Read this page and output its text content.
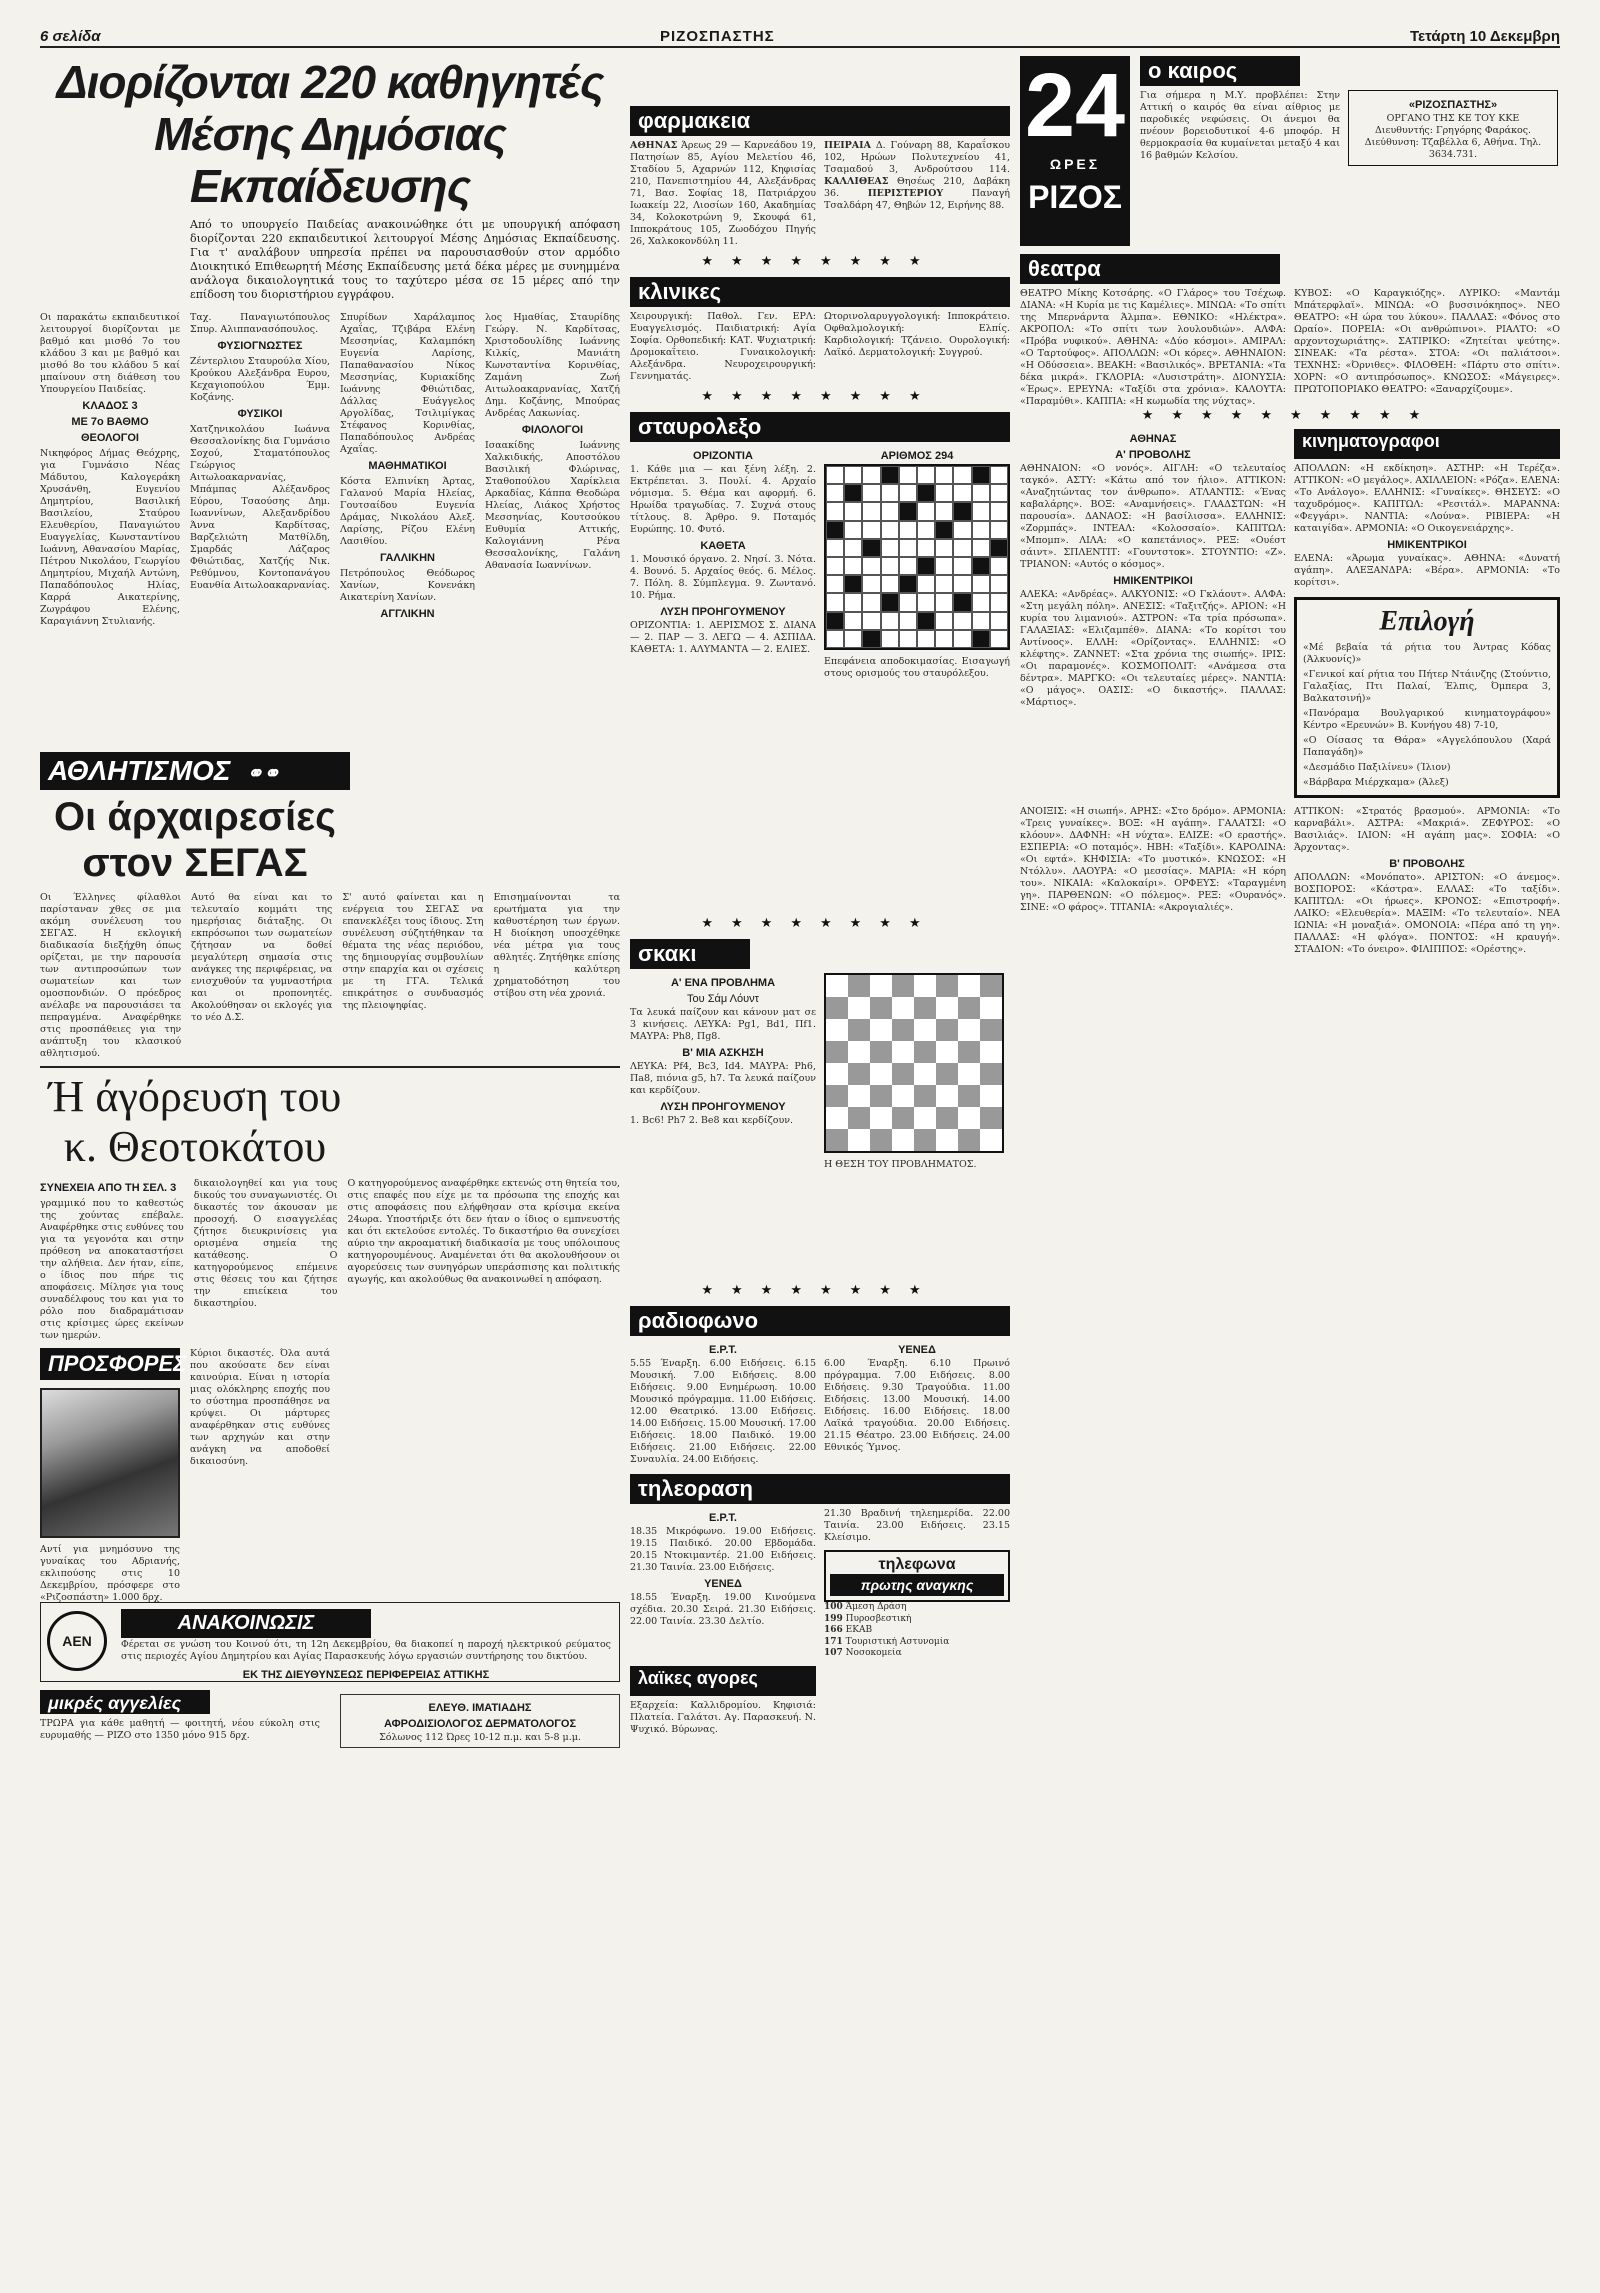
6 σελίδα	ΡΙΖΟΣΠΑΣΤΗΣ	Τετάρτη 10 Δεκεμβρη
Διορίζονται 220 καθηγητές
Μέσης Δημόσιας Εκπαίδευσης
Από το υπουργείο Παιδείας ανακοινώθηκε ότι με υπουργική απόφαση διορίζονται 220 εκπαιδευτικοί λειτουργοί Μέσης Δημόσιας Εκπαίδευσης. Για τ' αναλάβουν υπηρεσία πρέπει να παρουσιασθούν στον αρμόδιο Διοικητικό Επιθεωρητή Μέσης Εκπαίδευσης μετά δέκα μέρες με συνημμένα ανάλογα δικαιολογητικά τους το ταχύτερο μέσα σε 15 μέρες από την επίδοση του διοριστήριου εγγράφου.
Οι παρακάτω εκπαιδευτικοί λειτουργοί διορίζονται με βαθμό και μισθό 7ο του κλάδου 3 και με βαθμό και μισθό 8ο του κλάδου 5 καί μπαίνουν στη διάθεση του Υπουργείου Παιδείας.
ΚΛΑΔΟΣ 3
ΜΕ 7ο ΒΑΘΜΟ
ΘΕΟΛΟΓΟΙ
Νικηφόρος Δήμας Θεόχρης, για Γυμνάσιο Νέας Μάδυτου, Καλογεράκη Χρυσάνθη, Ευγενίου Δημητρίου, Βασιλική Βασιλείου, Σταύρου Ελευθερίου, Παναγιώτου Ευαγγελίας, Κωνσταντίνου Ιωάννη, Αθανασίου Μαρίας, Πέτρου Νικολάου, Γεωργίου Δημητρίου, Μιχαήλ Αντώνη, Παπαδόπουλος Ηλίας, Καρρά Αικατερίνης, Ζωγράφου Ελένης, Καραγιάννη Στυλιανής.
Ταχ. Παναγιωτόπουλος Σπυρ. Αλιππανασόπουλος.
ΦΥΣΙΟΓΝΩΣΤΕΣ
Ζέντερλιου Σταυρούλα Χίου, Κρούκου Αλεξάνδρα Ευρου, Κεχαγιοπούλου Έμμ. Κοζάνης.
ΦΥΣΙΚΟΙ
Χατζηνικολάου Ιωάννα Θεσσαλονίκης δια Γυμνάσιο Σοχού, Σταματόπουλος Γεώργιος Αιτωλοακαρνανίας, Μπάμπας Αλέξανδρος Εύρου, Τσαούσης Δημ. Ιωαννίνων, Αλεξανδρίδου Άννα Καρδίτσας, Βαρζελιώτη Ματθίλδη, Σμαρδάς Λάζαρος Φθιώτιδας, Χατζής Νικ. Ρεθύμνου, Κοντοπανάγου Ευανθία Αιτωλοακαρνανίας.
Σπυρίδων Χαράλαμπος Αχαΐας, Τζιβάρα Ελένη Μεσσηνίας, Καλαμπόκη Ευγενία Λαρίσης, Παπαθανασίου Νίκος Μεσσηνίας, Κυριακίδης Ιωάννης Φθιώτιδας, Δάλλας Ευάγγελος Αργολίδας, Τσιλιμίγκας Στέφανος Κορινθίας, Παπαδόπουλος Ανδρέας Αχαΐας.
ΜΑΘΗΜΑΤΙΚΟΙ
Κόστα Ελπινίκη Άρτας, Γαλανού Μαρία Ηλείας, Γουτσαίδου Ευγενία Δράμας, Νικολάου Αλεξ. Λαρίσης, Ρίζου Ελένη Λασιθίου.
ΓΑΛΛΙΚΗΝ
Πετρόπουλος Θεόδωρος Χανίων, Κονενάκη Αικατερίνη Χανίων.
ΑΓΓΛΙΚΗΝ
λος Ημαθίας, Σταυρίδης Γεώργ. Ν. Καρδίτσας, Χριστοδουλίδης Ιωάννης Κιλκίς, Μανιάτη Κωνσταντίνα Κορινθίας, Ζαμάνη Ζωή Αιτωλοακαρνανίας, Χατζή Δημ. Κοζάνης, Μπούρας Ανδρέας Λακωνίας.
ΦΙΛΟΛΟΓΟΙ
Ισαακίδης Ιωάννης Χαλκιδικής, Αποστόλου Βασιλική Φλώρινας, Σταθοπούλου Χαρίκλεια Αρκαδίας, Κάππα Θεοδώρα Ηλείας, Λιάκος Χρήστος Μεσσηνίας, Κουτσούκου Ευθυμία Αττικής, Καλογιάννη Ρένα Θεσσαλονίκης, Γαλάνη Αθανασία Ιωαννίνων.
ΑΘΛΗΤΙΣΜΟΣ ⚭⚭
Οι άρχαιρεσίες
στον ΣΕΓΑΣ
Οι Έλληνες φίλαθλοι παρίσταναν χθες σε μια ακόμη συνέλευση του ΣΕΓΑΣ. Η εκλογική διαδικασία διεξήχθη όπως ορίζεται, με την παρουσία των αντιπροσώπων των σωματείων και των ομοσπονδιών. Ο πρόεδρος ανέλαβε να παρουσιάσει τα πεπραγμένα. Αναφέρθηκε στις προσπάθειες για την ανάπτυξη του κλασικού αθλητισμού.
Αυτό θα είναι και το τελευταίο κομμάτι της ημερήσιας διάταξης. Οι εκπρόσωποι των σωματείων ζήτησαν να δοθεί μεγαλύτερη σημασία στις ανάγκες της περιφέρειας, να ενισχυθούν τα γυμναστήρια και οι προπονητές. Ακολούθησαν οι εκλογές για το νέο Δ.Σ.
Σ' αυτό φαίνεται και η ενέργεια του ΣΕΓΑΣ να επανεκλέξει τους ίδιους. Στη συνέλευση σύζητήθηκαν τα θέματα της νέας περιόδου, της δημιουργίας συμβουλίων στην επαρχία και οι σχέσεις με τη ΓΓΑ. Τελικά επικράτησε ο συνδυασμός της πλειοψηφίας.
Επισημαίνονται τα ερωτήματα για την καθυστέρηση των έργων. Η διοίκηση υποσχέθηκε νέα μέτρα για τους αθλητές. Ζητήθηκε επίσης η καλύτερη χρηματοδότηση του στίβου στη νέα χρονιά.
Ή άγόρευση του
κ. Θεοτοκάτου
ΣΥΝΕΧΕΙΑ ΑΠΟ ΤΗ ΣΕΛ. 3
γραμμικό που το καθεστώς της χούντας επέβαλε. Αναφέρθηκε στις ευθύνες του για τα γεγονότα και στην πρόθεση να αποκαταστήσει την αλήθεια. Δεν ήταν, είπε, ο ίδιος που πήρε τις αποφάσεις. Μίλησε για τους συναδέλφους του και για το ρόλο που διαδραμάτισαν στις κρίσιμες ώρες εκείνων των ημερών.
δικαιολογηθεί και για τους δικούς του συναγωνιστές. Οι δικαστές τον άκουσαν με προσοχή. Ο εισαγγελέας ζήτησε διευκρινίσεις για ορισμένα σημεία της κατάθεσης. Ο κατηγορούμενος επέμεινε στις θέσεις του και ζήτησε την επιείκεια του δικαστηρίου.
Ο κατηγορούμενος αναφέρθηκε εκτενώς στη θητεία του, στις επαφές που είχε με τα πρόσωπα της εποχής και στις αποφάσεις που ελήφθησαν στα κρίσιμα εκείνα 24ωρα. Υποστήριξε ότι δεν ήταν ο ίδιος ο εμπνευστής και ότι εκτελούσε εντολές. Το δικαστήριο θα συνεχίσει αύριο την ακροαματική διαδικασία με τους υπόλοιπους κατηγορουμένους. Αναμένεται ότι θα ακολουθήσουν οι αγορεύσεις των συνηγόρων υπεράσπισης και πολιτικής αγωγής, και ακολούθως θα ανακοινωθεί η απόφαση.
ΠΡΟΣΦΟΡΕΣ
Αντί για μνημόσυνο της γυναίκας του Αδριανής, εκλιπούσης στις 10 Δεκεμβρίου, πρόσφερε στο «Ριζοσπάστη» 1.000 δρχ.
Κύριοι δικαστές. Όλα αυτά που ακούσατε δεν είναι καινούρια. Είναι η ιστορία μιας ολόκληρης εποχής που το σύστημα προσπάθησε να κρύψει. Οι μάρτυρες αναφέρθηκαν στις ευθύνες των αρχηγών και στην ανάγκη να αποδοθεί δικαιοσύνη.
ΑΕΝ
ΑΝΑΚΟΙΝΩΣΙΣ
Φέρεται σε γνώση του Κοινού ότι, τη 12η Δεκεμβρίου, θα διακοπεί η παροχή ηλεκτρικού ρεύματος στις περιοχές Αγίου Δημητρίου και Αγίας Παρασκευής λόγω εργασιών συντήρησης του δικτύου.
ΕΚ ΤΗΣ ΔΙΕΥΘΥΝΣΕΩΣ ΠΕΡΙΦΕΡΕΙΑΣ ΑΤΤΙΚΗΣ
μικρές αγγελίες
ΤΡΩΡΑ για κάθε μαθητή — φοιτητή, νέου εύκολη στις ευρυμαθής — ΡΙΖΟ στο 1350 μόνο 915 δρχ.
ΕΛΕΥΘ. ΙΜΑΤΙΑΔΗΣ
ΑΦΡΟΔΙΣΙΟΛΟΓΟΣ ΔΕΡΜΑΤΟΛΟΓΟΣ
Σόλωνος 112 Ώρες 10-12 π.μ. και 5-8 μ.μ.
φαρμακεια
ΑΘΗΝΑΣ Άρεως 29 — Καρνεάδου 19, Πατησίων 85, Αγίου Μελετίου 46, Σταδίου 5, Αχαρνών 112, Κηφισίας 210, Πανεπιστημίου 44, Αλεξάνδρας 71, Βασ. Σοφίας 18, Πατριάρχου Ιωακείμ 22, Λιοσίων 160, Ακαδημίας 34, Κολοκοτρώνη 9, Σκουφά 61, Ιπποκράτους 105, Ζωοδόχου Πηγής 26, Χαλκοκονδύλη 11.
ΠΕΙΡΑΙΑ Δ. Γούναρη 88, Καραΐσκου 102, Ηρώων Πολυτεχνείου 41, Τσαμαδού 3, Ανδρούτσου 114. ΚΑΛΛΙΘΕΑΣ Θησέως 210, Δαβάκη 36. ΠΕΡΙΣΤΕΡΙΟΥ Παναγή Τσαλδάρη 47, Θηβών 12, Ειρήνης 88.
★★★★★★★★
κλινικες
Χειρουργική: Παθολ. Γεν. ΕΡΛ: Ευαγγελισμός. Παιδιατρική: Αγία Σοφία. Ορθοπεδική: ΚΑΤ. Ψυχιατρική: Δρομοκαΐτειο. Γυναικολογική: Αλεξάνδρα. Νευροχειρουργική: Γεννηματάς.
Ωτορινολαρυγγολογική: Ιπποκράτειο. Οφθαλμολογική: Ελπίς. Καρδιολογική: Τζάνειο. Ουρολογική: Λαϊκό. Δερματολογική: Συγγρού.
★★★★★★★★
σταυρολεξο
ΟΡΙΖΟΝΤΙΑ
1. Κάθε μια — και ξένη λέξη. 2. Εκτρέπεται. 3. Πουλί. 4. Αρχαίο νόμισμα. 5. Θέμα και αφορμή. 6. Ηρωίδα τραγωδίας. 7. Συχνά στους τίτλους. 8. Άρθρο. 9. Ποταμός Ευρώπης. 10. Φυτό.
ΚΑΘΕΤΑ
1. Μουσικό όργανο. 2. Νησί. 3. Νότα. 4. Βουνό. 5. Αρχαίος θεός. 6. Μέλος. 7. Πόλη. 8. Σύμπλεγμα. 9. Ζωντανό. 10. Ρήμα.
ΛΥΣΗ ΠΡΟΗΓΟΥΜΕΝΟΥ
ΟΡΙΖΟΝΤΙΑ: 1. ΑΕΡΙΣΜΟΣ Σ. ΔΙΑΝΑ — 2. ΠΑΡ — 3. ΛΕΓΩ — 4. ΑΣΠΙΔΑ. ΚΑΘΕΤΑ: 1. ΑΛΥΜΑΝΤΑ — 2. ΕΛΙΕΣ.
ΑΡΙΘΜΟΣ 294
Επεφάνεια αποδοκιμασίας. Εισαγωγή στους ορισμούς του σταυρόλεξου.
★★★★★★★★
σκακι
Α' ΕΝΑ ΠΡΟΒΛΗΜΑ
Του Σάμ Λόυντ
Τα λευκά παίζουν και κάνουν ματ σε 3 κινήσεις. ΛΕΥΚΑ: Ρg1, Βd1, Πf1. ΜΑΥΡΑ: Ρh8, Πg8.
Β' ΜΙΑ ΑΣΚΗΣΗ
ΛΕΥΚΑ: Ρf4, Βc3, Ιd4. ΜΑΥΡΑ: Ρh6, Πa8, πιόνια g5, h7. Τα λευκά παίζουν και κερδίζουν.
ΛΥΣΗ ΠΡΟΗΓΟΥΜΕΝΟΥ
1. Βc6! Ρh7 2. Βe8 και κερδίζουν.
Η ΘΕΣΗ ΤΟΥ ΠΡΟΒΛΗΜΑΤΟΣ.
★★★★★★★★
ραδιοφωνο
Ε.Ρ.Τ.
5.55 Έναρξη. 6.00 Ειδήσεις. 6.15 Μουσική. 7.00 Ειδήσεις. 8.00 Ειδήσεις. 9.00 Ενημέρωση. 10.00 Μουσικό πρόγραμμα. 11.00 Ειδήσεις. 12.00 Θεατρικό. 13.00 Ειδήσεις. 14.00 Ειδήσεις. 15.00 Μουσική. 17.00 Ειδήσεις. 18.00 Παιδικό. 19.00 Ειδήσεις. 21.00 Ειδήσεις. 22.00 Συναυλία. 24.00 Ειδήσεις.
ΥΕΝΕΔ
6.00 Έναρξη. 6.10 Πρωινό πρόγραμμα. 7.00 Ειδήσεις. 8.00 Ειδήσεις. 9.30 Τραγούδια. 11.00 Ειδήσεις. 13.00 Μουσική. 14.00 Ειδήσεις. 16.00 Ειδήσεις. 18.00 Λαϊκά τραγούδια. 20.00 Ειδήσεις. 21.15 Θέατρο. 23.00 Ειδήσεις. 24.00 Εθνικός Ύμνος.
τηλεοραση
Ε.Ρ.Τ.
18.35 Μικρόφωνο. 19.00 Ειδήσεις. 19.15 Παιδικό. 20.00 Εβδομάδα. 20.15 Ντοκιμαντέρ. 21.00 Ειδήσεις. 21.30 Ταινία. 23.00 Ειδήσεις.
ΥΕΝΕΔ
18.55 Έναρξη. 19.00 Κινούμενα σχέδια. 20.30 Σειρά. 21.30 Ειδήσεις. 22.00 Ταινία. 23.30 Δελτίο.
21.30 Βραδινή τηλεημερίδα. 22.00 Ταινία. 23.00 Ειδήσεις. 23.15 Κλείσιμο.
τηλεφωνα
πρωτης αναγκης
100 Άμεση Δράση
199 Πυροσβεστική
166 ΕΚΑΒ
171 Τουριστική Αστυνομία
107 Νοσοκομεία
λαϊκες αγορες
Εξαρχεία: Καλλιδρομίου. Κηφισιά: Πλατεία. Γαλάτσι. Αγ. Παρασκευή. Ν. Ψυχικό. Βύρωνας.
24
ΩΡΕΣ
ΡΙΖΟΣ
ο καιρος
Για σήμερα η Μ.Υ. προβλέπει: Στην Αττική ο καιρός θα είναι αίθριος με παροδικές νεφώσεις. Οι άνεμοι θα πνέουν βορειοδυτικοί 4-6 μποφόρ. Η θερμοκρασία θα κυμαίνεται μεταξύ 4 και 16 βαθμών Κελσίου.
«ΡΙΖΟΣΠΑΣΤΗΣ»
ΟΡΓΑΝΟ ΤΗΣ ΚΕ ΤΟΥ ΚΚΕ
Διευθυντής: Γρηγόρης Φαράκος. Διεύθυνση: Τζαβέλλα 6, Αθήνα. Τηλ. 3634.731.
θεατρα
ΘΕΑΤΡΟ Μίκης Κοτσάρης. «Ο Γλάρος» του Τσέχωφ. ΔΙΑΝΑ: «Η Κυρία με τις Καμέλιες». ΜΙΝΩΑ: «Το σπίτι της Μπερνάρντα Άλμπα». ΕΘΝΙΚΟ: «Ηλέκτρα». ΑΚΡΟΠΟΛ: «Το σπίτι των λουλουδιών». ΑΛΦΑ: «Πρόβα νυφικού». ΑΘΗΝΑ: «Δύο κόσμοι». ΑΜΙΡΑΛ: «Ο Ταρτούφος». ΑΠΟΛΛΩΝ: «Οι κόρες». ΑΘΗΝΑΙΟΝ: «Η Οδύσσεια». ΒΕΑΚΗ: «Βασιλικός». ΒΡΕΤΑΝΙΑ: «Τα δέκα μικρά». ΓΚΛΟΡΙΑ: «Λυσιστράτη». ΔΙΟΝΥΣΙΑ: «Έρως». ΕΡΕΥΝΑ: «Ταξίδι στα χρόνια». ΚΑΛΟΥΤΑ: «Παραμύθι». ΚΑΠΠΑ: «Η κωμωδία της νύχτας».
ΚΥΒΟΣ: «Ο Καραγκιόζης». ΛΥΡΙΚΟ: «Μαντάμ Μπάτερφλαϊ». ΜΙΝΩΑ: «Ο βυσσινόκηπος». ΝΕΟ ΘΕΑΤΡΟ: «Η ώρα του λύκου». ΠΑΛΛΑΣ: «Φόνος στο Ωραίο». ΠΟΡΕΙΑ: «Οι ανθρώπινοι». ΡΙΑΛΤΟ: «Ο αρχοντοχωριάτης». ΣΑΤΙΡΙΚΟ: «Ζητείται ψεύτης». ΣΙΝΕΑΚ: «Τα ρέστα». ΣΤΟΑ: «Οι παλιάτσοι». ΤΕΧΝΗΣ: «Όρνιθες». ΦΙΛΟΘΕΗ: «Πάρτυ στο σπίτι». ΧΟΡΝ: «Ο αντιπρόσωπος». ΚΝΩΣΟΣ: «Μάγειρες». ΠΡΩΤΟΠΟΡΙΑΚΟ ΘΕΑΤΡΟ: «Ξαναρχίζουμε».
★★★★★★★★★★
ΑΘΗΝΑΣ
Α' ΠΡΟΒΟΛΗΣ
ΑΘΗΝΑΙΟΝ: «Ο νονός». ΑΙΓΛΗ: «Ο τελευταίος ταγκό». ΑΣΤΥ: «Κάτω από τον ήλιο». ΑΤΤΙΚΟΝ: «Αναζητώντας τον άνθρωπο». ΑΤΛΑΝΤΙΣ: «Ένας καβαλάρης». ΒΟΞ: «Αναμνήσεις». ΓΛΑΔΣΤΩΝ: «Η παρουσία». ΔΑΝΑΟΣ: «Η βασίλισσα». ΕΛΛΗΝΙΣ: «Ζορμπάς». ΙΝΤΕΑΛ: «Κολοσσαίο». ΚΑΠΙΤΩΛ: «Μπομπ». ΛΙΛΑ: «Ο καπετάνιος». ΡΕΞ: «Ουέστ σάιντ». ΣΠΛΕΝΤΙΤ: «Γουντστοκ». ΣΤΟΥΝΤΙΟ: «Ζ». ΤΡΙΑΝΟΝ: «Αυτός ο κόσμος».
ΗΜΙΚΕΝΤΡΙΚΟΙ
ΑΛΕΚΑ: «Ανδρέας». ΑΛΚΥΟΝΙΣ: «Ο Γκλάουτ». ΑΛΦΑ: «Στη μεγάλη πόλη». ΑΝΕΣΙΣ: «Ταξιτζής». ΑΡΙΟΝ: «Η κυρία του λιμανιού». ΑΣΤΡΟΝ: «Τα τρία πρόσωπα». ΓΑΛΑΞΙΑΣ: «Ελιζαμπέθ». ΔΙΑΝΑ: «Το κορίτσι του Αντίνοος». ΕΛΛΗ: «Ορίζοντας». ΕΛΛΗΝΙΣ: «Ο κλέφτης». ΖΑΝΝΕΤ: «Στα χρόνια της σιωπής». ΙΡΙΣ: «Οι παραμονές». ΚΟΣΜΟΠΟΛΙΤ: «Ανάμεσα στα δέντρα». ΜΑΡΓΚΟ: «Οι τελευταίες μέρες». ΝΑΝΤΙΑ: «Ο μάγος». ΟΑΣΙΣ: «Ο δικαστής». ΠΑΛΛΑΣ: «Μάρτιος».
κινηματογραφοι
ΑΠΟΛΛΩΝ: «Η εκδίκηση». ΑΣΤΗΡ: «Η Τερέζα». ΑΤΤΙΚΟΝ: «Ο μεγάλος». ΑΧΙΛΛΕΙΟΝ: «Ρόζα». ΕΛΕΝΑ: «Το Ανάλογο». ΕΛΛΗΝΙΣ: «Γυναίκες». ΘΗΣΕΥΣ: «Ο ταχυδρόμος». ΚΑΠΙΤΩΛ: «Ρεσιτάλ». ΜΑΡΑΝΝΑ: «Φεγγάρι». ΝΑΝΤΙΑ: «Λούνα». ΡΙΒΙΕΡΑ: «Η καταιγίδα». ΑΡΜΟΝΙΑ: «Ο Οικογενειάρχης».
ΗΜΙΚΕΝΤΡΙΚΟΙ
ΕΛΕΝΑ: «Άρωμα γυναίκας». ΑΘΗΝΑ: «Δυνατή αγάπη». ΑΛΕΞΑΝΔΡΑ: «Βέρα». ΑΡΜΟΝΙΑ: «Το κορίτσι».
Επιλογή
«Μέ βεβαία τά ρήτια του Άντρας Κόδας (Άλκυονίς)»
«Γενικοί καί ρήτια του Πήτερ Ντάινζης (Στούντιο, Γαλαξίας, Πτι Παλαί, Έλπις, Όμπερα 3, Βαλκατσινή)»
«Πανόραμα Βουλγαρικού κινηματογράφου» Κέντρο «Ερευνών» Β. Κυνήγου 48) 7-10,
«Ο Οίσασς τα Θάρα» «Αγγελόπουλου (Χαρά Παπαγάδη)»
«Δεσμάδιο Παξιλίνευ» (Ίλιον)
«Βάρβαρα Μιέρχκαμα» (Άλεξ)
ΑΝΟΙΞΙΣ: «Η σιωπή». ΑΡΗΣ: «Στο δρόμο». ΑΡΜΟΝΙΑ: «Τρεις γυναίκες». ΒΟΞ: «Η αγάπη». ΓΑΛΑΤΣΙ: «Ο κλόουν». ΔΑΦΝΗ: «Η νύχτα». ΕΛΙΖΕ: «Ο εραστής». ΕΣΠΕΡΙΑ: «Ο ποταμός». ΗΒΗ: «Ταξίδι». ΚΑΡΟΛΙΝΑ: «Οι εφτά». ΚΗΦΙΣΙΑ: «Το μυστικό». ΚΝΩΣΟΣ: «Η Ντόλλυ». ΛΑΟΥΡΑ: «Ο μεσσίας». ΜΑΡΙΑ: «Η κόρη του». ΝΙΚΑΙΑ: «Καλοκαίρι». ΟΡΦΕΥΣ: «Ταραγμένη γη». ΠΑΡΘΕΝΩΝ: «Ο πόλεμος». ΡΕΞ: «Ουρανός». ΣΙΝΕ: «Ο φάρος». ΤΙΤΑΝΙΑ: «Ακρογιαλιές».
ΑΤΤΙΚΟΝ: «Στρατός βρασμού». ΑΡΜΟΝΙΑ: «Το καρναβάλι». ΑΣΤΡΑ: «Μακριά». ΖΕΦΥΡΟΣ: «Ο Βασιλιάς». ΙΛΙΟΝ: «Η αγάπη μας». ΣΟΦΙΑ: «Ο Άρχοντας».
Β' ΠΡΟΒΟΛΗΣ
ΑΠΟΛΛΩΝ: «Μονόπατο». ΑΡΙΣΤΟΝ: «Ο άνεμος». ΒΟΣΠΟΡΟΣ: «Κάστρα». ΕΛΛΑΣ: «Το ταξίδι». ΚΑΠΙΤΩΛ: «Οι ήρωες». ΚΡΟΝΟΣ: «Επιστροφή». ΛΑΙΚΟ: «Ελευθερία». ΜΑΞΙΜ: «Το τελευταίο». ΝΕΑ ΙΩΝΙΑ: «Η μοναξιά». ΟΜΟΝΟΙΑ: «Πέρα από τη γη». ΠΑΛΛΑΣ: «Η φλόγα». ΠΟΝΤΟΣ: «Η κραυγή». ΣΤΑΔΙΟΝ: «Το όνειρο». ΦΙΛΙΠΠΟΣ: «Ορέστης».
